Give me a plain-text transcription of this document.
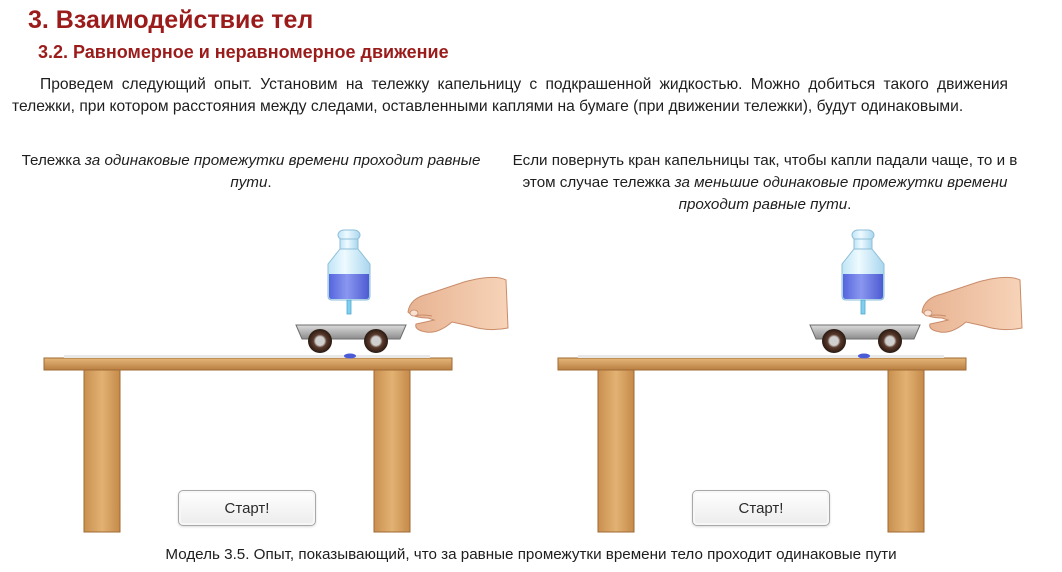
3. Взаимодействие тел
3.2. Равномерное и неравномерное движение
Проведем следующий опыт. Установим на тележку капельницу с подкрашенной жидкостью. Можно добиться такого движения тележки, при котором расстояния между следами, оставленными каплями на бумаге (при движении тележки), будут одинаковыми.
Тележка за одинаковые промежутки времени проходит равные пути.
Если повернуть кран капельницы так, чтобы капли падали чаще, то и в этом случае тележка за меньшие одинаковые промежутки времени проходит равные пути.
Старт!	Старт!
Модель 3.5. Опыт, показывающий, что за равные промежутки времени тело проходит одинаковые пути
